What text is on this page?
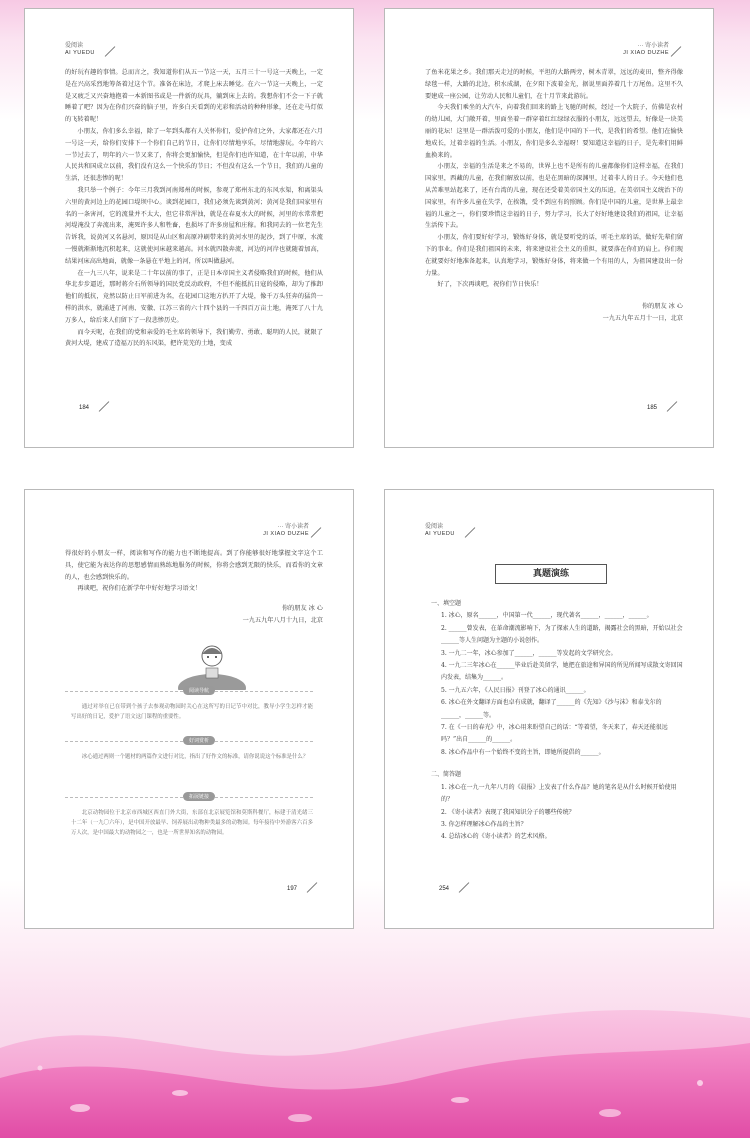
爱阅读
AI YUEDU

的好玩有趣的事情。总而言之，我知道你们从五一节这一天，五月三十一号这一天晚上，一定是在兴高采烈地筹备着过这个节。准备在床边，才爬上床去睡觉。在六一节这一天晚上，一定是又疲乏又兴奋地抱着一本新图书或是一件新的玩具，躺到床上去的。我想你们不会一下子就睡着了吧？因为在你们兴奋的脑子里，许多白天看到的光彩和活动的种种形象，还在走马灯似的飞转着呢！

小朋友，你们多么幸福，除了一年到头都有人关怀你们，爱护你们之外，大家都还在六月一号这一天，给你们安排下一个你们自己的节日，让你们尽情地享乐，尽情地游玩。今年的六一节过去了，明年的六一节又来了，你将会更加愉快，但是你们也许知道，在十年以前，中华人民共和国成立以前，我们没有这么一个快乐的节日；不但没有这么一个节日，我们的儿童的生活，还很悲惨的呢！

我只举一个例子：今年三月我到河南郑州的时候，参观了郑州东北的东风水渠，和离渠头六里的黄河边上的花园口堤坝中心。谈到花园口，我们必须先谈到黄河；黄河是我们国家里有名的一条害河，它的流量并不太大，但它非常浑浊，就是在春夏水大的时候，河里的水常常把河堤淹没了奔流出来，淹死许多人和牲畜，也损坏了许多房屋和庄稼。和我同去的一位老先生告诉我，说黄河又名悬河，原因是从山区和高原冲刷带来的黄河水里的泥沙，到了中原，水流一慢就渐渐地沉积起来，这就使河床越来越高。河水就四散奔流，河边的河岸也就随着加高，结果河床高出地面，就像一条悬在平地上的河，所以叫做悬河。

在一九三八年，说来是二十年以前的事了，正是日本帝国主义者侵略我们的时候，他们从华北步步逼近，那时蒋介石所领导的国民党反动政府，不但不能抵抗日寇的侵略，却为了推卸他们的抵抗，竟然以防止日军前进为名，在花园口这地方扒开了大堤，像千万头狂奔的猛兽一样的洪水，就涌进了河南、安徽、江苏三省的六十四个县的一千四百万亩土地，淹死了八十九万多人，给后来人们留下了一段悲惨历史。

而今天呢，在我们的党和亲爱的毛主席的领导下，我们勤劳、勇敢、聪明的人民，就限了黄河大堤，建成了造福万民的东风渠，把许荒芜的土地，变成

184
··· 寄小读者
JI XIAO DUZHE

了鱼米花果之乡。我们那天走过的时候，平坦的大路两旁，树木青翠，远远的麦田，整齐得像绿毯一样，大路的北边，积水成湖，在夕阳下波着金光，据说里面养着几十万尾鱼。这里不久要建成一座公园，让劳动人民和儿童们，在十月节来此游玩。

今天我们乘坐的大汽车，向着我们回来的路上飞驰的时候，经过一个大院子，仿佛是农村的幼儿园，大门敞开着，里面坐着一群穿着红红绿绿衣服的小朋友，远远望去，好像是一块美丽的花坛！这里是一群活泼可爱的小朋友，他们是中国的下一代，是我们的希望。他们在愉快地成长，过着幸福的生活。小朋友，你们是多么幸福呀！要知道这幸福的日子，是先辈们用鲜血换来的。

小朋友，幸福的生活是来之不易的，世界上也不是所有的儿童都像你们这样幸福，在我们国家里，西藏的儿童，在我们解放以前，也是在黑暗的深渊里，过着非人的日子。今天他们也从苦难里站起来了，还有台湾的儿童，现在还受着美帝国主义的压迫，在美帝国主义统治下的国家里，有许多儿童在失学，在挨饿，受不到应有的照顾。你们是中国的儿童，是世界上最幸福的儿童之一，你们要珍惜这幸福的日子，努力学习，长大了好好地建设我们的祖国，让幸福生活传下去。

小朋友，你们要好好学习，锻炼好身体，就是要听党的话，听毛主席的话，做好先辈们留下的事业。你们是我们祖国的未来，将来建设社会主义的重担，就要落在你们的肩上。你们现在就要好好地准备起来，认真地学习，锻炼好身体，将来做一个有用的人，为祖国建设出一份力量。

好了，下次再谈吧，祝你们节日快乐！

你的朋友 冰 心

一九五九年五月十一日，北京

185
··· 寄小读者
JI XIAO DUZHE

得很好的小朋友一样，阅读和写作的能力也不断地提高。到了你能够很好地掌握文字这个工具，使它能为表达你的思想感情而熟练地服务的时候，你将会感到无限的快乐，而看你的文章的人，也会感到快乐的。

再谈吧，祝你们在新学年中好好地学习语文！

你的朋友 冰 心

一九五九年八月十九日，北京

阅读导航

通过对举在已在带到个孩子去参观动物园时关心在这所写的日记节中对比，教导小学生怎样才能写出好的日记，爱护了语文这门课程的重要性。

好词赏析

冰心通过两则一个题材的两篇作文进行对比，指出了好作文的标准，请你说说这个标准是什么？

拓展链接

北京动物园位于北京市西城区西直门外大街，东部在北京展览馆和莫斯科餐厅，标建于清光绪三十二年（一九〇六年），是中国开放最早、饲养展出动物种类最多的动物园。每年接待中外游客六百多万人次，是中国最大的动物园之一，也是一所世界知名的动物园。

197
爱阅读
AI YUEDU
真题演练
一、填空题
1. 冰心，原名______，中国第一代______，现代著名______，______，______。
2. ______曾发表，在革命潮流影响下，为了探索人生的道路，揭露社会的黑暗，开始以社会______等人生问题为主题的小说创作。
3. 一九二一年，冰心参加了______，______等发起的文学研究会。
4. 一九二三年冰心在______毕业后赴美留学，她把在旅途和异国的所见所闻写成散文寄回国内发表，结集为______。
5. 一九五六年，《人民日报》刊登了冰心的通讯______。
6. 冰心在外文翻译方面也卓有成就，翻译了______的《先知》《沙与沫》和泰戈尔的______，______等。
7. 在《一日的春光》中，冰心用来盼望自己的话：“等着望，冬天来了，春天还能很远吗？”出自______的______。
8. 冰心作品中有一个始终不变的主旨，即她所提倡的______。
二、简答题
1. 冰心在一九一九年八月的《晨报》上发表了什么作品？她的笔名是从什么时候开始使用的？
2. 《寄小读者》表现了我国知识分子的哪些传统？
3. 你怎样理解冰心作品的主旨？
4. 总结冰心的《寄小读者》的艺术风格。
254
